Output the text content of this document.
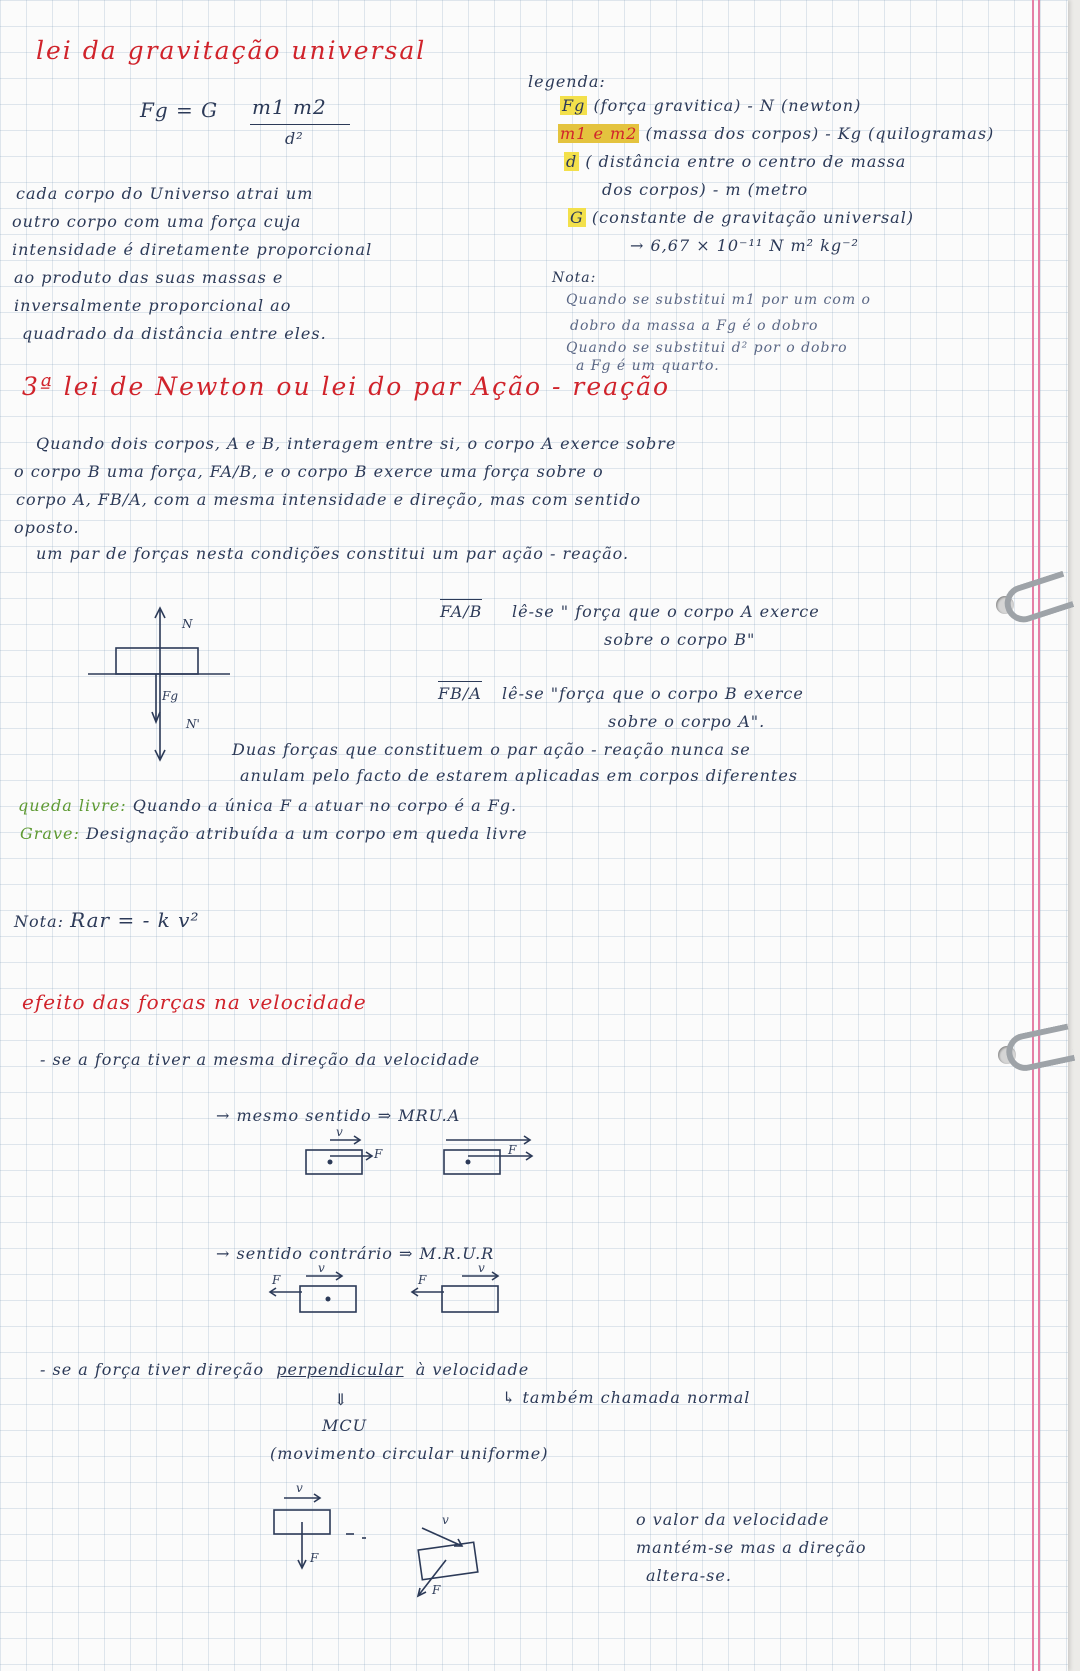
lei da gravitação universal
Fg = G m1 m2
d²
cada corpo do Universo atrai um
outro corpo com uma força cuja
intensidade é diretamente proporcional
ao produto das suas massas e
inversalmente proporcional ao
quadrado da distância entre eles.
legenda:
Fg (força gravitica) - N (newton)
m1 e m2 (massa dos corpos) - Kg (quilogramas)
d ( distância entre o centro de massa
dos corpos) - m (metro
G (constante de gravitação universal)
→ 6,67 × 10⁻¹¹ N m² kg⁻²
Nota:
Quando se substitui m1 por um com o
dobro da massa a Fg é o dobro
Quando se substitui d² por o dobro
a Fg é um quarto.
3ª lei de Newton ou lei do par Ação - reação
Quando dois corpos, A e B, interagem entre si, o corpo A exerce sobre
o corpo B uma força, FA/B, e o corpo B exerce uma força sobre o
corpo A, FB/A, com a mesma intensidade e direção, mas com sentido
oposto.
um par de forças nesta condições constitui um par ação - reação.
N
Fg
N'
FA/B lê-se " força que o corpo A exerce
sobre o corpo B"
FB/A lê-se "força que o corpo B exerce
sobre o corpo A".
Duas forças que constituem o par ação - reação nunca se
anulam pelo facto de estarem aplicadas em corpos diferentes
queda livre: Quando a única F a atuar no corpo é a Fg.
Grave: Designação atribuída a um corpo em queda livre
Nota: Rar = - k v²
efeito das forças na velocidade
- se a força tiver a mesma direção da velocidade
→ mesmo sentido ⇒ MRU.A
v
F	F
→ sentido contrário ⇒ M.R.U.R
v
F
v
F
- se a força tiver direção perpendicular à velocidade
↳ também chamada normal
⇓
MCU
(movimento circular uniforme)
v
F
v
F
o valor da velocidade
mantém-se mas a direção
altera-se.
